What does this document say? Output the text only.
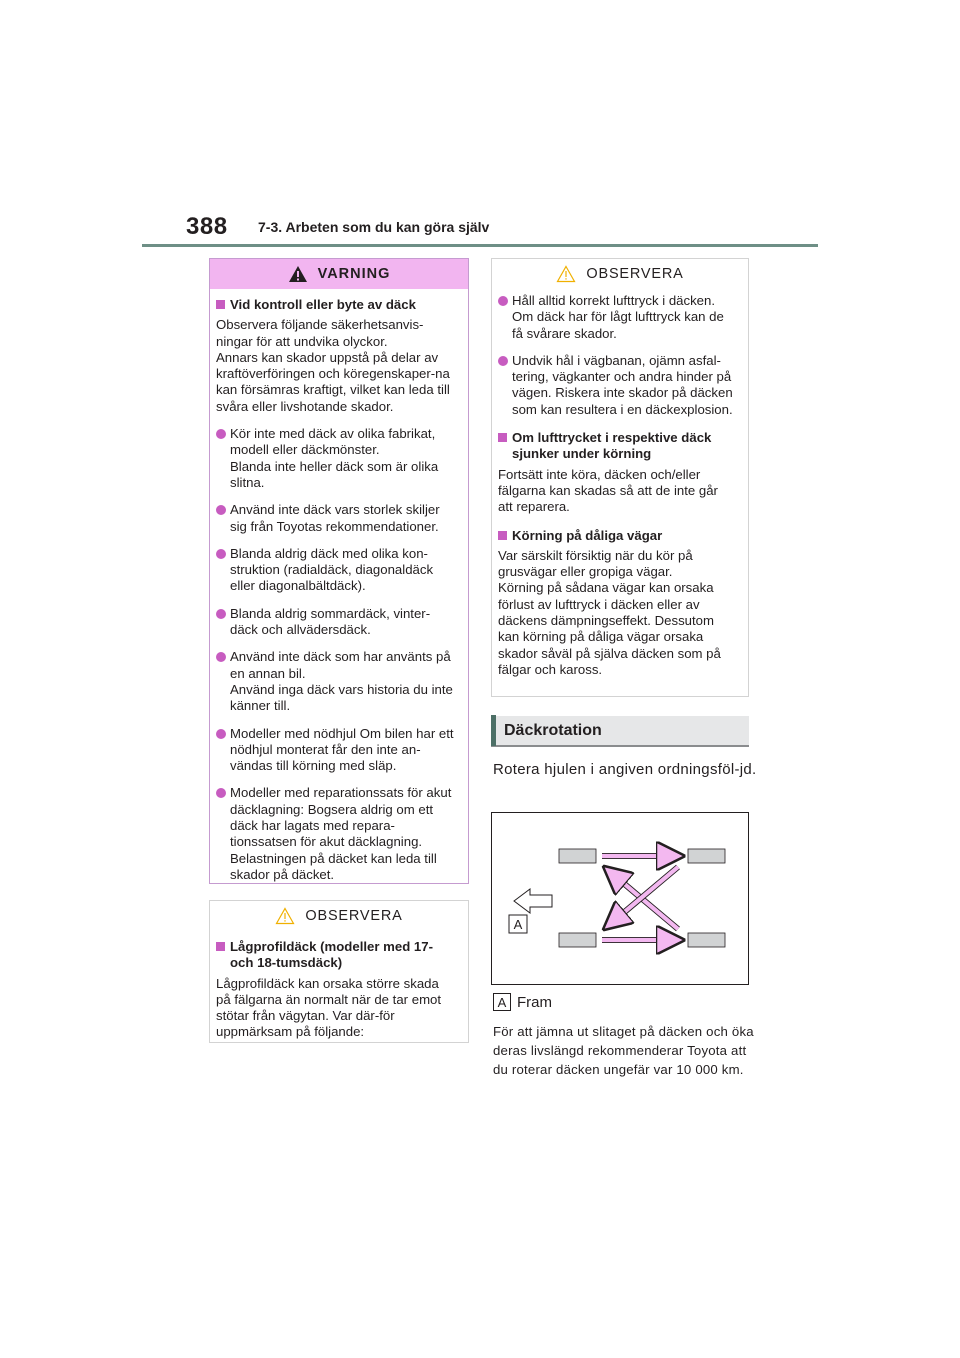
388 7-3. Arbeten som du kan göra själv
VARNING
Vid kontroll eller byte av däck
Observera följande säkerhetsanvis-ningar för att undvika olyckor.
Annars kan skador uppstå på delar av kraftöverföringen och köregenskaper-na kan försämras kraftigt, vilket kan leda till svåra eller livshotande skador.
Kör inte med däck av olika fabrikat, modell eller däckmönster.
Blanda inte heller däck som är olika slitna.
Använd inte däck vars storlek skiljer sig från Toyotas rekommendationer.
Blanda aldrig däck med olika kon-struktion (radialdäck, diagonaldäck eller diagonalbältdäck).
Blanda aldrig sommardäck, vinter-däck och allvädersdäck.
Använd inte däck som har använts på en annan bil.
Använd inga däck vars historia du inte känner till.
Modeller med nödhjul Om bilen har ett nödhjul monterat får den inte an-vändas till körning med släp.
Modeller med reparationssats för akut däcklagning: Bogsera aldrig om ett däck har lagats med repara-tionssatsen för akut däcklagning.
Belastningen på däcket kan leda till skador på däcket.
OBSERVERA
Lågprofildäck (modeller med 17- och 18-tumsdäck)
Lågprofildäck kan orsaka större skada på fälgarna än normalt när de tar emot stötar från vägytan. Var där-för uppmärksam på följande:
OBSERVERA
Håll alltid korrekt lufttryck i däcken. Om däck har för lågt lufttryck kan de få svårare skador.
Undvik hål i vägbanan, ojämn asfal-tering, vägkanter och andra hinder på vägen. Riskera inte skador på däcken som kan resultera i en däckexplosion.
Om lufttrycket i respektive däck sjunker under körning
Fortsätt inte köra, däcken och/eller fälgarna kan skadas så att de inte går att reparera.
Körning på dåliga vägar
Var särskilt försiktig när du kör på grusvägar eller gropiga vägar.
Körning på sådana vägar kan orsaka förlust av lufttryck i däcken eller av däckens dämpningseffekt. Dessutom kan körning på dåliga vägar orsaka skador såväl på själva däcken som på fälgar och kaross.
Däckrotation
Rotera hjulen i angiven ordningsföl-jd.
A
A Fram
För att jämna ut slitaget på däcken och öka deras livslängd rekommenderar Toyota att du roterar däcken ungefär var 10 000 km.
